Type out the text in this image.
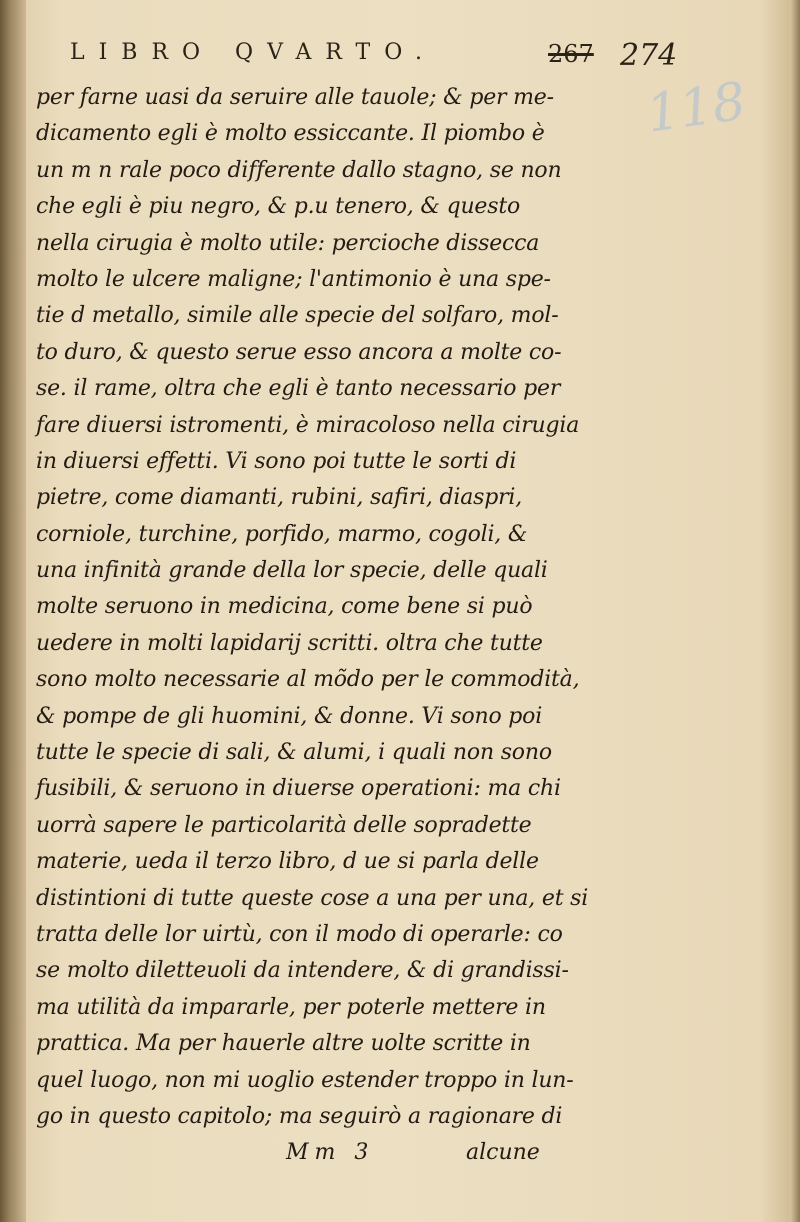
LIBRO QVARTO.	267 274
118
per farne uasi da seruire alle tauole; & per me-
dicamento egli è molto essiccante. Il piombo è
un m n rale poco differente dallo stagno, se non
che egli è piu negro, & p.u tenero, & questo
nella cirugia è molto utile: percioche dissecca
molto le ulcere maligne; l'antimonio è una spe-
tie d metallo, simile alle specie del solfaro, mol-
to duro, & questo serue esso ancora a molte co-
se. il rame, oltra che egli è tanto necessario per
fare diuersi istromenti, è miracoloso nella cirugia
in diuersi effetti. Vi sono poi tutte le sorti di
pietre, come diamanti, rubini, safiri, diaspri,
corniole, turchine, porfido, marmo, cogoli, &
una infinità grande della lor specie, delle quali
molte seruono in medicina, come bene si può
uedere in molti lapidarij scritti. oltra che tutte
sono molto necessarie al mõdo per le commodità,
& pompe de gli huomini, & donne. Vi sono poi
tutte le specie di sali, & alumi, i quali non sono
fusibili, & seruono in diuerse operationi: ma chi
uorrà sapere le particolarità delle sopradette
materie, ueda il terzo libro, d ue si parla delle
distintioni di tutte queste cose a una per una, et si
tratta delle lor uirtù, con il modo di operarle: co
se molto diletteuoli da intendere, & di grandissi-
ma utilità da impararle, per poterle mettere in
prattica. Ma per hauerle altre uolte scritte in
quel luogo, non mi uoglio estender troppo in lun-
go in questo capitolo; ma seguirò a ragionare di
Mm 3	alcune
